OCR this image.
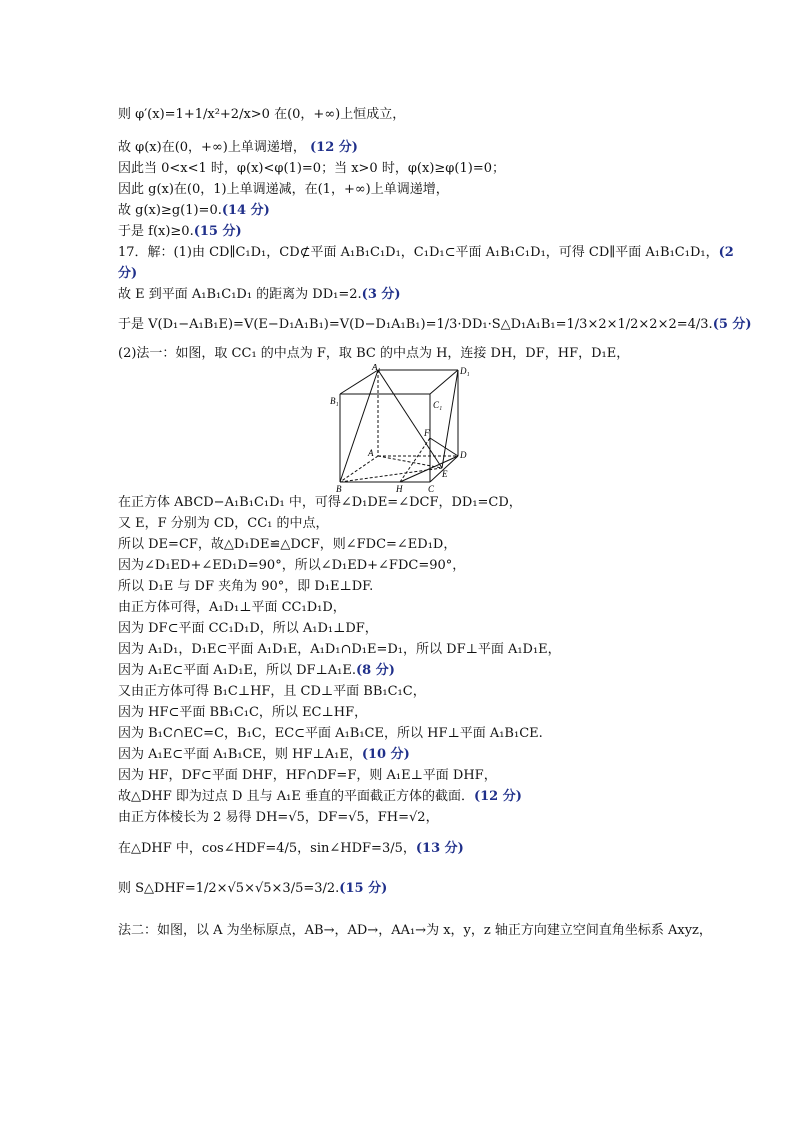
则 φ′(x)=1+1/x²+2/x>0 在(0，+∞)上恒成立，
故 φ(x)在(0，+∞)上单调递增， (12 分)
因此当 0<x<1 时，φ(x)<φ(1)=0；当 x>0 时，φ(x)≥φ(1)=0；
因此 g(x)在(0，1)上单调递减，在(1，+∞)上单调递增，
故 g(x)≥g(1)=0.(14 分)
于是 f(x)≥0.(15 分)
17．解：(1)由 CD∥C₁D₁，CD⊄平面 A₁B₁C₁D₁，C₁D₁⊂平面 A₁B₁C₁D₁，可得 CD∥平面 A₁B₁C₁D₁，(2
分)
故 E 到平面 A₁B₁C₁D₁ 的距离为 DD₁=2.(3 分)
于是 V(D₁−A₁B₁E)=V(E−D₁A₁B₁)=V(D−D₁A₁B₁)=1/3·DD₁·S△D₁A₁B₁=1/3×2×1/2×2×2=4/3.(5 分)
(2)法一：如图，取 CC₁ 的中点为 F，取 BC 的中点为 H，连接 DH，DF，HF，D₁E，
A₁	D₁
B₁	C₁
F
A	D
E
B	H	C
在正方体 ABCD−A₁B₁C₁D₁ 中，可得∠D₁DE=∠DCF，DD₁=CD，
又 E，F 分别为 CD，CC₁ 的中点，
所以 DE=CF，故△D₁DE≌△DCF，则∠FDC=∠ED₁D，
因为∠D₁ED+∠ED₁D=90°，所以∠D₁ED+∠FDC=90°，
所以 D₁E 与 DF 夹角为 90°，即 D₁E⊥DF.
由正方体可得，A₁D₁⊥平面 CC₁D₁D，
因为 DF⊂平面 CC₁D₁D，所以 A₁D₁⊥DF，
因为 A₁D₁，D₁E⊂平面 A₁D₁E，A₁D₁∩D₁E=D₁，所以 DF⊥平面 A₁D₁E，
因为 A₁E⊂平面 A₁D₁E，所以 DF⊥A₁E.(8 分)
又由正方体可得 B₁C⊥HF，且 CD⊥平面 BB₁C₁C，
因为 HF⊂平面 BB₁C₁C，所以 EC⊥HF，
因为 B₁C∩EC=C，B₁C，EC⊂平面 A₁B₁CE，所以 HF⊥平面 A₁B₁CE.
因为 A₁E⊂平面 A₁B₁CE，则 HF⊥A₁E，(10 分)
因为 HF，DF⊂平面 DHF，HF∩DF=F，则 A₁E⊥平面 DHF，
故△DHF 即为过点 D 且与 A₁E 垂直的平面截正方体的截面．(12 分)
由正方体棱长为 2 易得 DH=√5，DF=√5，FH=√2，
在△DHF 中，cos∠HDF=4/5，sin∠HDF=3/5，(13 分)
则 S△DHF=1/2×√5×√5×3/5=3/2.(15 分)
法二：如图，以 A 为坐标原点，AB→，AD→，AA₁→为 x，y，z 轴正方向建立空间直角坐标系 Axyz，
